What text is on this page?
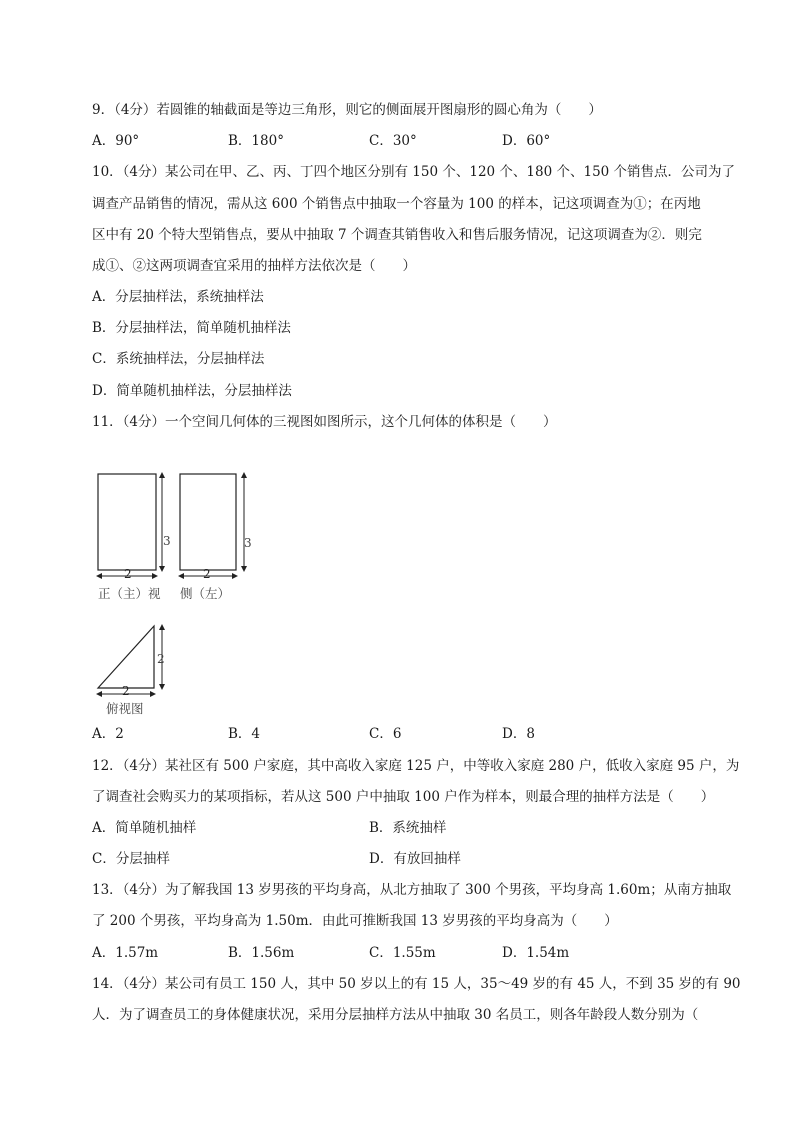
9．（4分）若圆锥的轴截面是等边三角形，则它的侧面展开图扇形的圆心角为（　　）
A．90°	B．180°	C．30°	D．60°
10．（4分）某公司在甲、乙、丙、丁四个地区分别有 150 个、120 个、180 个、150 个销售点．公司为了
调查产品销售的情况，需从这 600 个销售点中抽取一个容量为 100 的样本，记这项调查为①；在丙地
区中有 20 个特大型销售点，要从中抽取 7 个调查其销售收入和售后服务情况，记这项调查为②．则完
成①、②这两项调查宜采用的抽样方法依次是（　　）
A．分层抽样法，系统抽样法
B．分层抽样法，简单随机抽样法
C．系统抽样法，分层抽样法
D．简单随机抽样法，分层抽样法
11．（4分）一个空间几何体的三视图如图所示，这个几何体的体积是（　　）
3
2
正（主）视
3
2
侧（左）
2
2
俯视图
A．2	B．4	C．6	D．8
12．（4分）某社区有 500 户家庭，其中高收入家庭 125 户，中等收入家庭 280 户，低收入家庭 95 户，为
了调查社会购买力的某项指标，若从这 500 户中抽取 100 户作为样本，则最合理的抽样方法是（　　）
A．简单随机抽样	B．系统抽样
C．分层抽样	D．有放回抽样
13．（4分）为了解我国 13 岁男孩的平均身高，从北方抽取了 300 个男孩，平均身高 1.60m；从南方抽取
了 200 个男孩，平均身高为 1.50m．由此可推断我国 13 岁男孩的平均身高为（　　）
A．1.57m	B．1.56m	C．1.55m	D．1.54m
14．（4分）某公司有员工 150 人，其中 50 岁以上的有 15 人，35～49 岁的有 45 人，不到 35 岁的有 90
人．为了调查员工的身体健康状况，采用分层抽样方法从中抽取 30 名员工，则各年龄段人数分别为（
